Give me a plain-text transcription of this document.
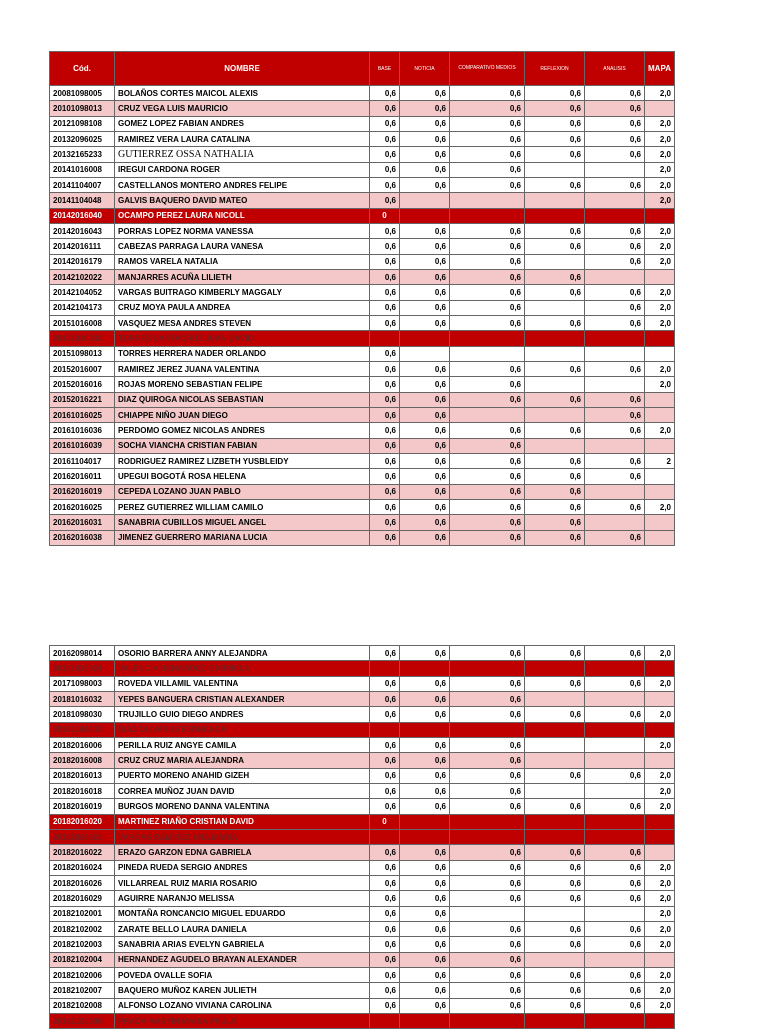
Cód.	NOMBRE	BASE	NOTICIA	COMPARATIVO MEDIOS	REFLEXION	ANALISIS	MAPA	
20081098005	BOLAÑOS CORTES MAICOL ALEXIS	0,6	0,6	0,6	0,6	0,6	2,0	
20101098013	CRUZ VEGA LUIS MAURICIO	0,6	0,6	0,6	0,6	0,6		
20121098108	GOMEZ LOPEZ FABIAN ANDRES	0,6	0,6	0,6	0,6	0,6	2,0	
20132096025	RAMIREZ VERA LAURA CATALINA	0,6	0,6	0,6	0,6	0,6	2,0	
20132165233	GUTIERREZ OSSA NATHALIA	0,6	0,6	0,6	0,6	0,6	2,0	
20141016008	IREGUI CARDONA ROGER	0,6	0,6	0,6			2,0	
20141104007	CASTELLANOS MONTERO ANDRES FELIPE	0,6	0,6	0,6	0,6	0,6	2,0	
20141104048	GALVIS BAQUERO DAVID MATEO	0,6					2,0	
20142016040	OCAMPO PEREZ LAURA NICOLL	0						
20142016043	PORRAS LOPEZ NORMA VANESSA	0,6	0,6	0,6	0,6	0,6	2,0	
20142016111	CABEZAS PARRAGA LAURA VANESA	0,6	0,6	0,6	0,6	0,6	2,0	
20142016179	RAMOS VARELA NATALIA	0,6	0,6	0,6		0,6	2,0	
20142102022	MANJARRES ACUÑA LILIETH	0,6	0,6	0,6	0,6			
20142104052	VARGAS BUITRAGO KIMBERLY MAGGALY	0,6	0,6	0,6	0,6	0,6	2,0	
20142104173	CRUZ MOYA PAULA ANDREA	0,6	0,6	0,6		0,6	2,0	
20151016008	VASQUEZ MESA ANDRES STEVEN	0,6	0,6	0,6	0,6	0,6	2,0	
20151016032	TORRES SANTACRUZ JUAN DAVID							
20151098013	TORRES HERRERA NADER ORLANDO	0,6						
20152016007	RAMIREZ JEREZ JUANA VALENTINA	0,6	0,6	0,6	0,6	0,6	2,0	
20152016016	ROJAS MORENO SEBASTIAN FELIPE	0,6	0,6	0,6			2,0	
20152016221	DIAZ QUIROGA NICOLAS SEBASTIAN	0,6	0,6	0,6	0,6	0,6		
20161016025	CHIAPPE NIÑO JUAN DIEGO	0,6	0,6			0,6		
20161016036	PERDOMO GOMEZ NICOLAS ANDRES	0,6	0,6	0,6	0,6	0,6	2,0	
20161016039	SOCHA VIANCHA CRISTIAN FABIAN	0,6	0,6	0,6				
20161104017	RODRIGUEZ RAMIREZ LIZBETH YUSBLEIDY	0,6	0,6	0,6	0,6	0,6	2	
20162016011	UPEGUI BOGOTÁ ROSA HELENA	0,6	0,6	0,6	0,6	0,6		
20162016019	CEPEDA LOZANO JUAN PABLO	0,6	0,6	0,6	0,6			
20162016025	PEREZ GUTIERREZ WILLIAM CAMILO	0,6	0,6	0,6	0,6	0,6	2,0	
20162016031	SANABRIA CUBILLOS MIGUEL ANGEL	0,6	0,6	0,6	0,6			
20162016038	JIMENEZ GUERRERO MARIANA LUCIA	0,6	0,6	0,6	0,6	0,6		
20162098014	OSORIO BARRERA ANNY ALEJANDRA	0,6	0,6	0,6	0,6	0,6	2,0	
20171016024	VALENCIA BENAVIDEZ GABRIELA							
20171098003	ROVEDA VILLAMIL VALENTINA	0,6	0,6	0,6	0,6	0,6	2,0	
20181016032	YEPES BANGUERA CRISTIAN ALEXANDER	0,6	0,6	0,6				
20181098030	TRUJILLO GUIO DIEGO ANDRES	0,6	0,6	0,6	0,6	0,6	2,0	
20181104002	DIAZ OLIVARES FERNANDA							
20182016006	PERILLA RUIZ ANGYE CAMILA	0,6	0,6	0,6			2,0	
20182016008	CRUZ CRUZ MARIA ALEJANDRA	0,6	0,6	0,6				
20182016013	PUERTO MORENO ANAHID GIZEH	0,6	0,6	0,6	0,6	0,6	2,0	
20182016018	CORREA MUÑOZ JUAN DAVID	0,6	0,6	0,6			2,0	
20182016019	BURGOS MORENO DANNA VALENTINA	0,6	0,6	0,6	0,6	0,6	2,0	
20182016020	MARTINEZ RIAÑO CRISTIAN DAVID	0						
20182016021	VARGAS RAMIREZ ANA MARIA							
20182016022	ERAZO GARZON EDNA GABRIELA	0,6	0,6	0,6	0,6	0,6		
20182016024	PINEDA RUEDA SERGIO ANDRES	0,6	0,6	0,6	0,6	0,6	2,0	
20182016026	VILLARREAL RUIZ MARIA ROSARIO	0,6	0,6	0,6	0,6	0,6	2,0	
20182016029	AGUIRRE NARANJO MELISSA	0,6	0,6	0,6	0,6	0,6	2,0	
20182102001	MONTAÑA RONCANCIO MIGUEL EDUARDO	0,6	0,6				2,0	
20182102002	ZARATE BELLO LAURA DANIELA	0,6	0,6	0,6	0,6	0,6	2,0	
20182102003	SANABRIA ARIAS EVELYN GABRIELA	0,6	0,6	0,6	0,6	0,6	2,0	
20182102004	HERNANDEZ AGUDELO BRAYAN ALEXANDER	0,6	0,6	0,6				
20182102006	POVEDA OVALLE SOFIA	0,6	0,6	0,6	0,6	0,6	2,0	
20182102007	BAQUERO MUÑOZ KAREN JULIETH	0,6	0,6	0,6	0,6	0,6	2,0	
20182102008	ALFONSO LOZANO VIVIANA CAROLINA	0,6	0,6	0,6	0,6	0,6	2,0	
20182102009	PRADA MARTIN MARIA PAULA							
